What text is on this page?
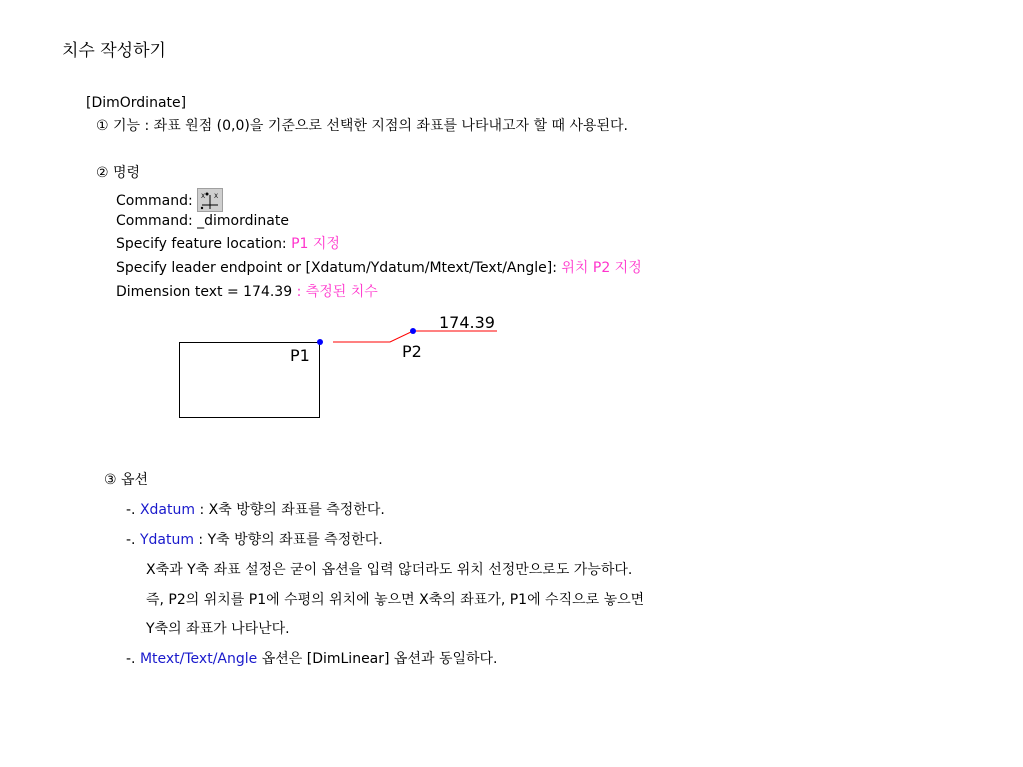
치수 작성하기
[DimOrdinate]
① 기능 : 좌표 원점 (0,0)을 기준으로 선택한 지점의 좌표를 나타내고자 할 때 사용된다.
② 명령
Command: X X
Command: _dimordinate
Specify feature location: P1 지정
Specify leader endpoint or [Xdatum/Ydatum/Mtext/Text/Angle]: 위치 P2 지정
Dimension text = 174.39 : 측정된 치수
P1	P2
174.39
③ 옵션
-. Xdatum : X축 방향의 좌표를 측정한다.
-. Ydatum : Y축 방향의 좌표를 측정한다.
X축과 Y축 좌표 설정은 굳이 옵션을 입력 않더라도 위치 선정만으로도 가능하다.
즉, P2의 위치를 P1에 수평의 위치에 놓으면 X축의 좌표가, P1에 수직으로 놓으면
Y축의 좌표가 나타난다.
-. Mtext/Text/Angle 옵션은 [DimLinear] 옵션과 동일하다.
